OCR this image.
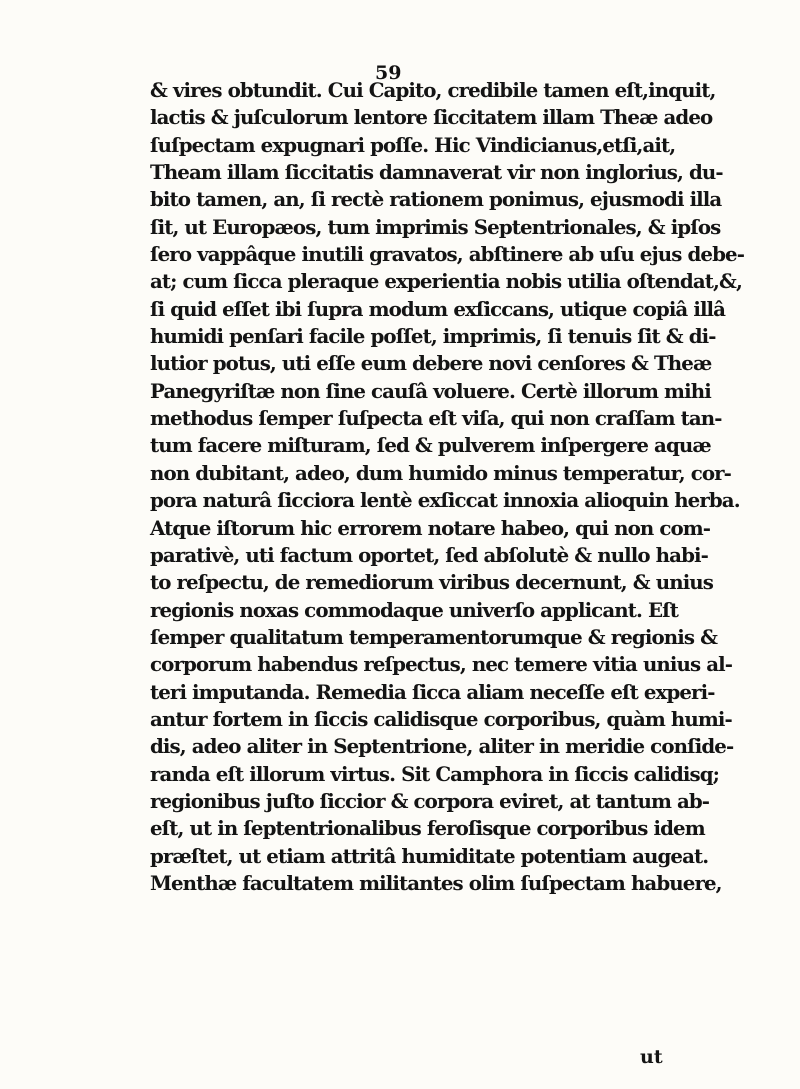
59

& vires obtundit. Cui Capito, credibile tamen eſt,inquit,
lactis & juſculorum lentore ſiccitatem illam Theæ adeo
ſuſpectam expugnari poſſe. Hic Vindicianus,etſi,ait,
Theam illam ſiccitatis damnaverat vir non inglorius, du-
bito tamen, an, ſi rectè rationem ponimus, ejusmodi illa
ſit, ut Europæos, tum imprimis Septentrionales, & ipſos
ſero vappâque inutili gravatos, abſtinere ab uſu ejus debe-
at; cum ſicca pleraque experientia nobis utilia oſtendat,&,
ſi quid eſſet ibi ſupra modum exſiccans, utique copiâ illâ
humidi penſari facile poſſet, imprimis, ſi tenuis ſit & di-
lutior potus, uti eſſe eum debere novi cenſores & Theæ
Panegyriſtæ non ſine cauſâ voluere. Certè illorum mihi
methodus ſemper ſuſpecta eſt viſa, qui non craſſam tan-
tum facere miſturam, ſed & pulverem inſpergere aquæ
non dubitant, adeo, dum humido minus temperatur, cor-
pora naturâ ſicciora lentè exſiccat innoxia alioquin herba.
Atque iſtorum hic errorem notare habeo, qui non com-
parativè, uti factum oportet, ſed abſolutè & nullo habi-
to reſpectu, de remediorum viribus decernunt, & unius
regionis noxas commodaque univerſo applicant. Eſt
ſemper qualitatum temperamentorumque & regionis &
corporum habendus reſpectus, nec temere vitia unius al-
teri imputanda. Remedia ſicca aliam neceſſe eſt experi-
antur fortem in ſiccis calidisque corporibus, quàm humi-
dis, adeo aliter in Septentrione, aliter in meridie conſide-
randa eſt illorum virtus. Sit Camphora in ſiccis calidisq;
regionibus juſto ſiccior & corpora eviret, at tantum ab-
eſt, ut in ſeptentrionalibus feroſisque corporibus idem
præſtet, ut etiam attritâ humiditate potentiam augeat.
Menthæ facultatem militantes olim ſuſpectam habuere,

ut
